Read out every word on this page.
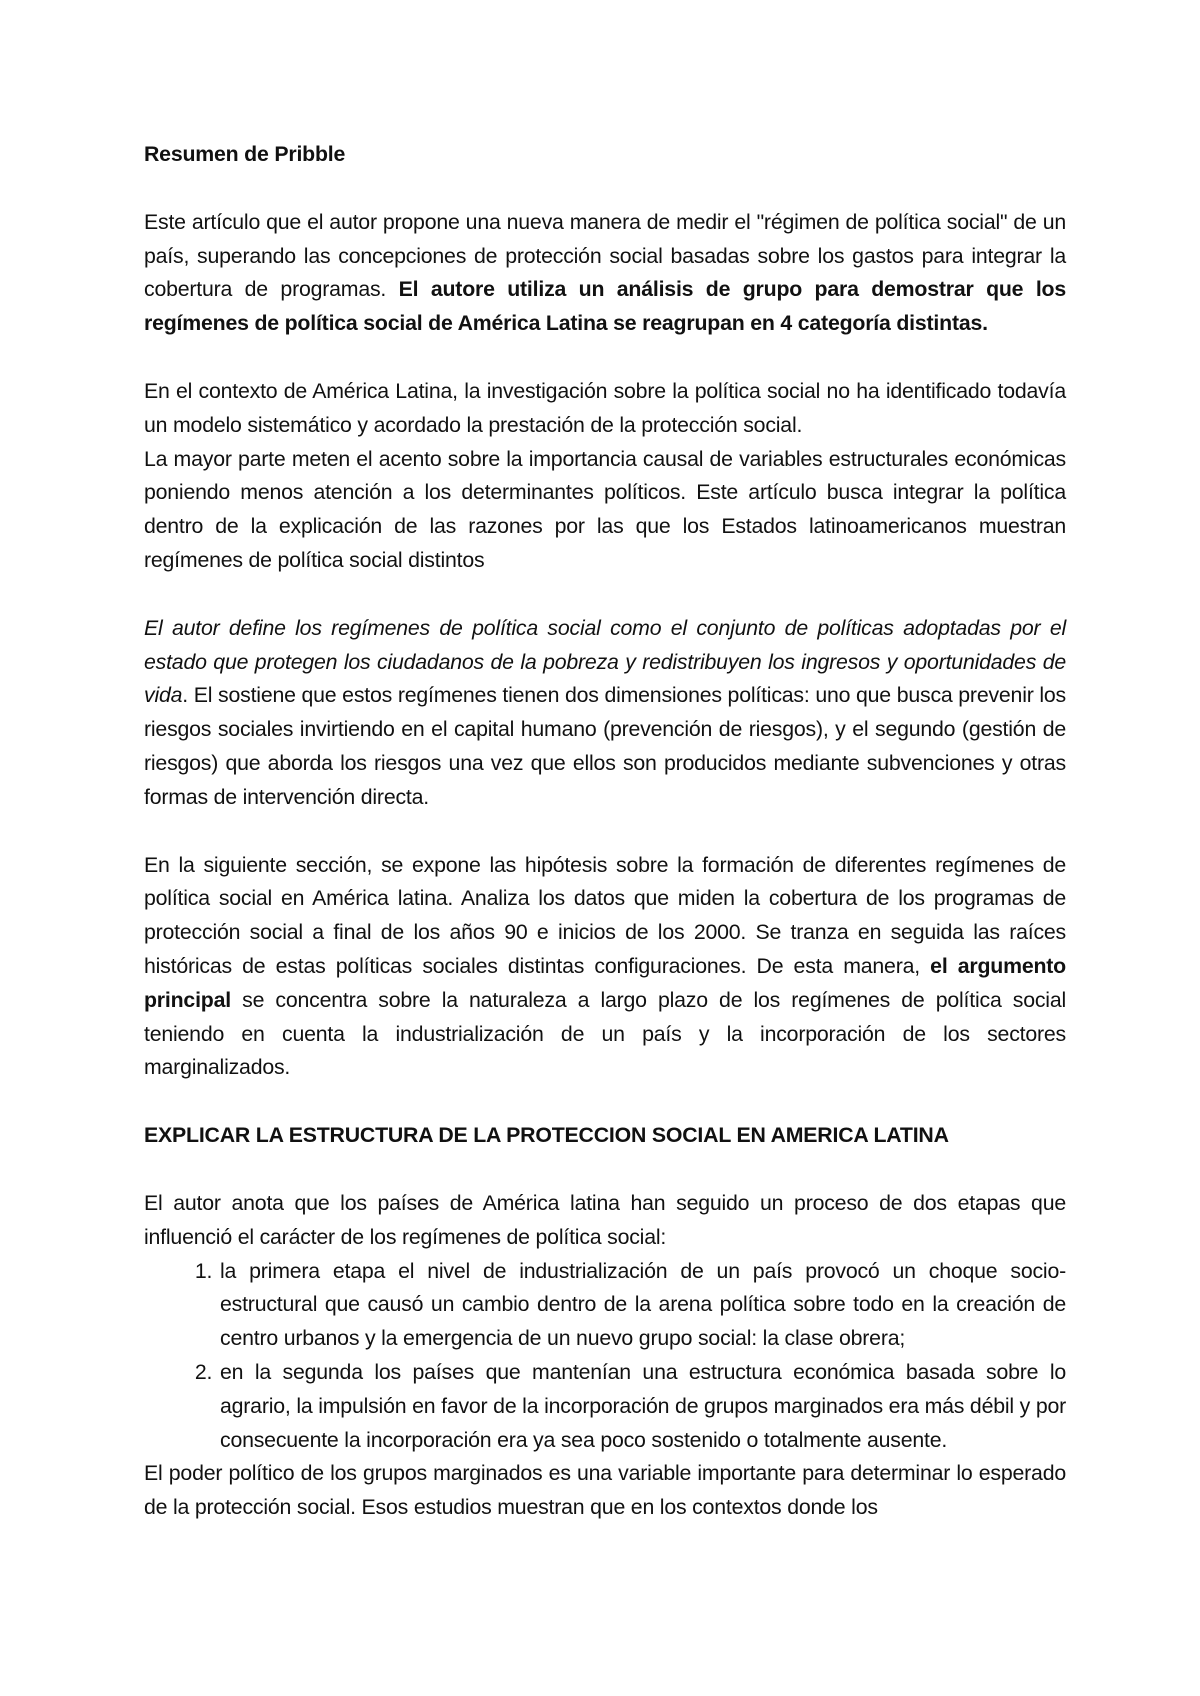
Resumen de Pribble

Este artículo que el autor propone una nueva manera de medir el "régimen de política social" de un país, superando las concepciones de protección social basadas sobre los gastos para integrar la cobertura de programas. El autore utiliza un análisis de grupo para demostrar que los regímenes de política social de América Latina se reagrupan en 4 categoría distintas.

En el contexto de América Latina, la investigación sobre la política social no ha identificado todavía un modelo sistemático y acordado la prestación de la protección social.

La mayor parte meten el acento sobre la importancia causal de variables estructurales económicas poniendo menos atención a los determinantes políticos. Este artículo busca integrar la política dentro de la explicación de las razones por las que los Estados latinoamericanos muestran regímenes de política social distintos

El autor define los regímenes de política social como el conjunto de políticas adoptadas por el estado que protegen los ciudadanos de la pobreza y redistribuyen los ingresos y oportunidades de vida. El sostiene que estos regímenes tienen dos dimensiones políticas: uno que busca prevenir los riesgos sociales invirtiendo en el capital humano (prevención de riesgos), y el segundo (gestión de riesgos) que aborda los riesgos una vez que ellos son producidos mediante subvenciones y otras formas de intervención directa.

En la siguiente sección, se expone las hipótesis sobre la formación de diferentes regímenes de política social en América latina. Analiza los datos que miden la cobertura de los programas de protección social a final de los años 90 e inicios de los 2000. Se tranza en seguida las raíces históricas de estas políticas sociales distintas configuraciones. De esta manera, el argumento principal se concentra sobre la naturaleza a largo plazo de los regímenes de política social teniendo en cuenta la industrialización de un país y la incorporación de los sectores marginalizados.

EXPLICAR LA ESTRUCTURA DE LA PROTECCION SOCIAL EN AMERICA LATINA

El autor anota que los países de América latina han seguido un proceso de dos etapas que influenció el carácter de los regímenes de política social:

1. la primera etapa el nivel de industrialización de un país provocó un choque socio-estructural que causó un cambio dentro de la arena política sobre todo en la creación de centro urbanos y la emergencia de un nuevo grupo social: la clase obrera;
2. en la segunda los países que mantenían una estructura económica basada sobre lo agrario, la impulsión en favor de la incorporación de grupos marginados era más débil y por consecuente la incorporación era ya sea poco sostenido o totalmente ausente.

El poder político de los grupos marginados es una variable importante para determinar lo esperado de la protección social. Esos estudios muestran que en los contextos donde los
